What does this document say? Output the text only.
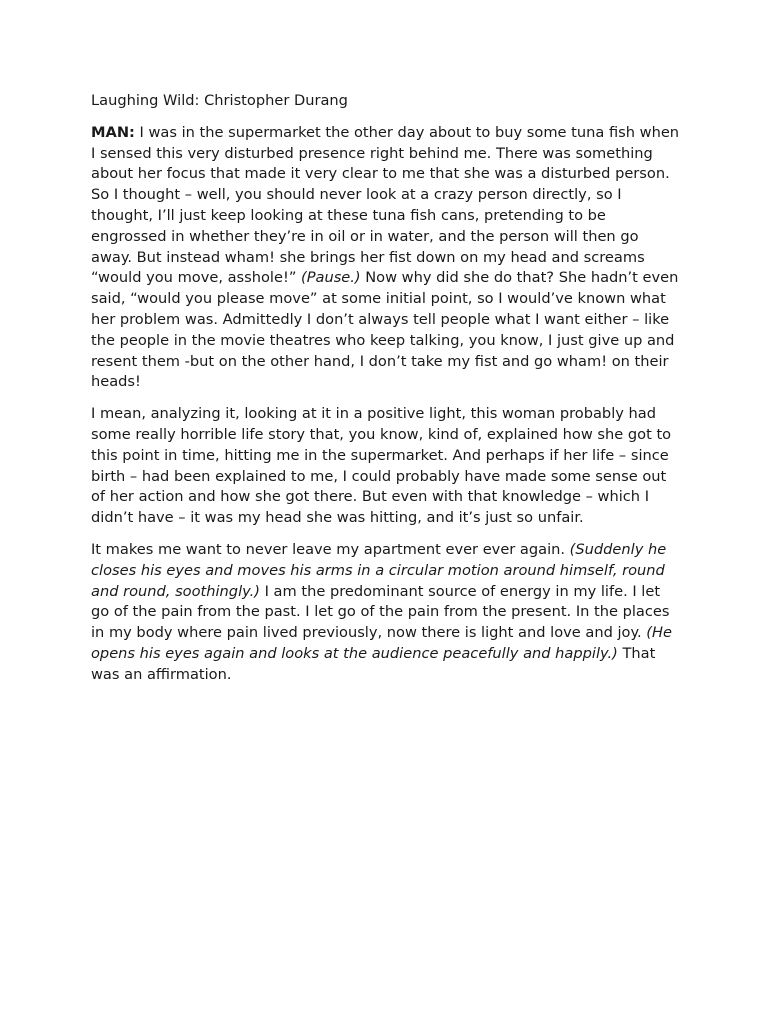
Laughing Wild: Christopher Durang

MAN: I was in the supermarket the other day about to buy some tuna fish when I sensed this very disturbed presence right behind me. There was something about her focus that made it very clear to me that she was a disturbed person. So I thought – well, you should never look at a crazy person directly, so I thought, I’ll just keep looking at these tuna fish cans, pretending to be engrossed in whether they’re in oil or in water, and the person will then go away. But instead wham! she brings her fist down on my head and screams “would you move, asshole!” (Pause.) Now why did she do that? She hadn’t even said, “would you please move” at some initial point, so I would’ve known what her problem was. Admittedly I don’t always tell people what I want either – like the people in the movie theatres who keep talking, you know, I just give up and resent them -but on the other hand, I don’t take my fist and go wham! on their heads!

I mean, analyzing it, looking at it in a positive light, this woman probably had some really horrible life story that, you know, kind of, explained how she got to this point in time, hitting me in the supermarket. And perhaps if her life – since birth – had been explained to me, I could probably have made some sense out of her action and how she got there. But even with that knowledge – which I didn’t have – it was my head she was hitting, and it’s just so unfair.

It makes me want to never leave my apartment ever ever again. (Suddenly he closes his eyes and moves his arms in a circular motion around himself, round and round, soothingly.) I am the predominant source of energy in my life. I let go of the pain from the past. I let go of the pain from the present. In the places in my body where pain lived previously, now there is light and love and joy. (He opens his eyes again and looks at the audience peacefully and happily.) That was an affirmation.
